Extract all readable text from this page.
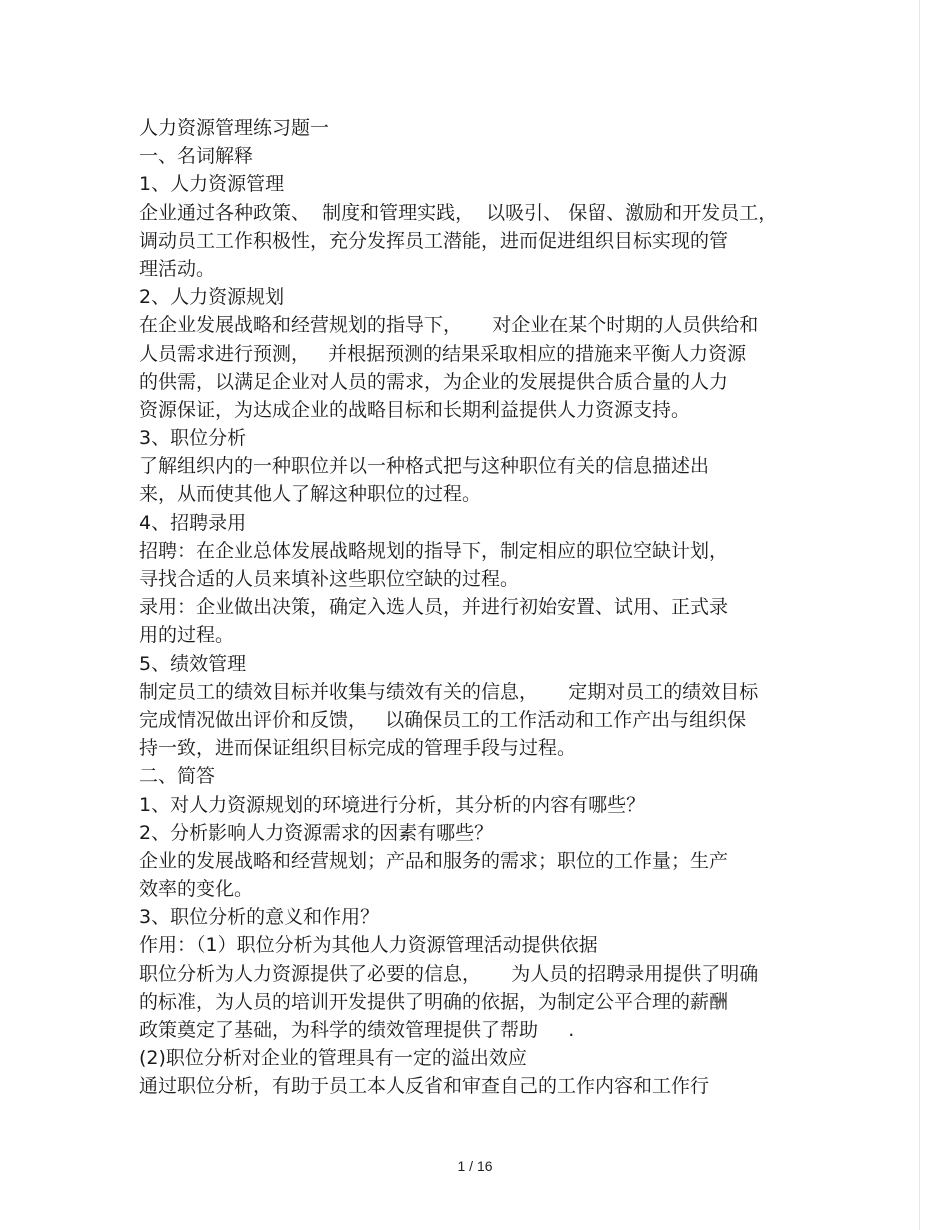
人力资源管理练习题一
一、名词解释
1、人力资源管理
企业通过各种政策、  制度和管理实践，  以吸引、 保留、激励和开发员工，
调动员工工作积极性，充分发挥员工潜能，进而促进组织目标实现的管
理活动。
2、人力资源规划
在企业发展战略和经营规划的指导下，     对企业在某个时期的人员供给和
人员需求进行预测，   并根据预测的结果采取相应的措施来平衡人力资源
的供需，以满足企业对人员的需求，为企业的发展提供合质合量的人力
资源保证，为达成企业的战略目标和长期利益提供人力资源支持。
3、职位分析
了解组织内的一种职位并以一种格式把与这种职位有关的信息描述出
来，从而使其他人了解这种职位的过程。
4、招聘录用
招聘：在企业总体发展战略规划的指导下，制定相应的职位空缺计划，
寻找合适的人员来填补这些职位空缺的过程。
录用：企业做出决策，确定入选人员，并进行初始安置、试用、正式录
用的过程。
5、绩效管理
制定员工的绩效目标并收集与绩效有关的信息，     定期对员工的绩效目标
完成情况做出评价和反馈，   以确保员工的工作活动和工作产出与组织保
持一致，进而保证组织目标完成的管理手段与过程。
二、简答
1、对人力资源规划的环境进行分析，其分析的内容有哪些？
2、分析影响人力资源需求的因素有哪些？
企业的发展战略和经营规划；产品和服务的需求；职位的工作量；生产
效率的变化。
3、职位分析的意义和作用？
作用：（1）职位分析为其他人力资源管理活动提供依据
职位分析为人力资源提供了必要的信息，     为人员的招聘录用提供了明确
的标准，为人员的培训开发提供了明确的依据，为制定公平合理的薪酬
政策奠定了基础，为科学的绩效管理提供了帮助     .
(2)职位分析对企业的管理具有一定的溢出效应
通过职位分析，有助于员工本人反省和审查自己的工作内容和工作行
1 / 16
